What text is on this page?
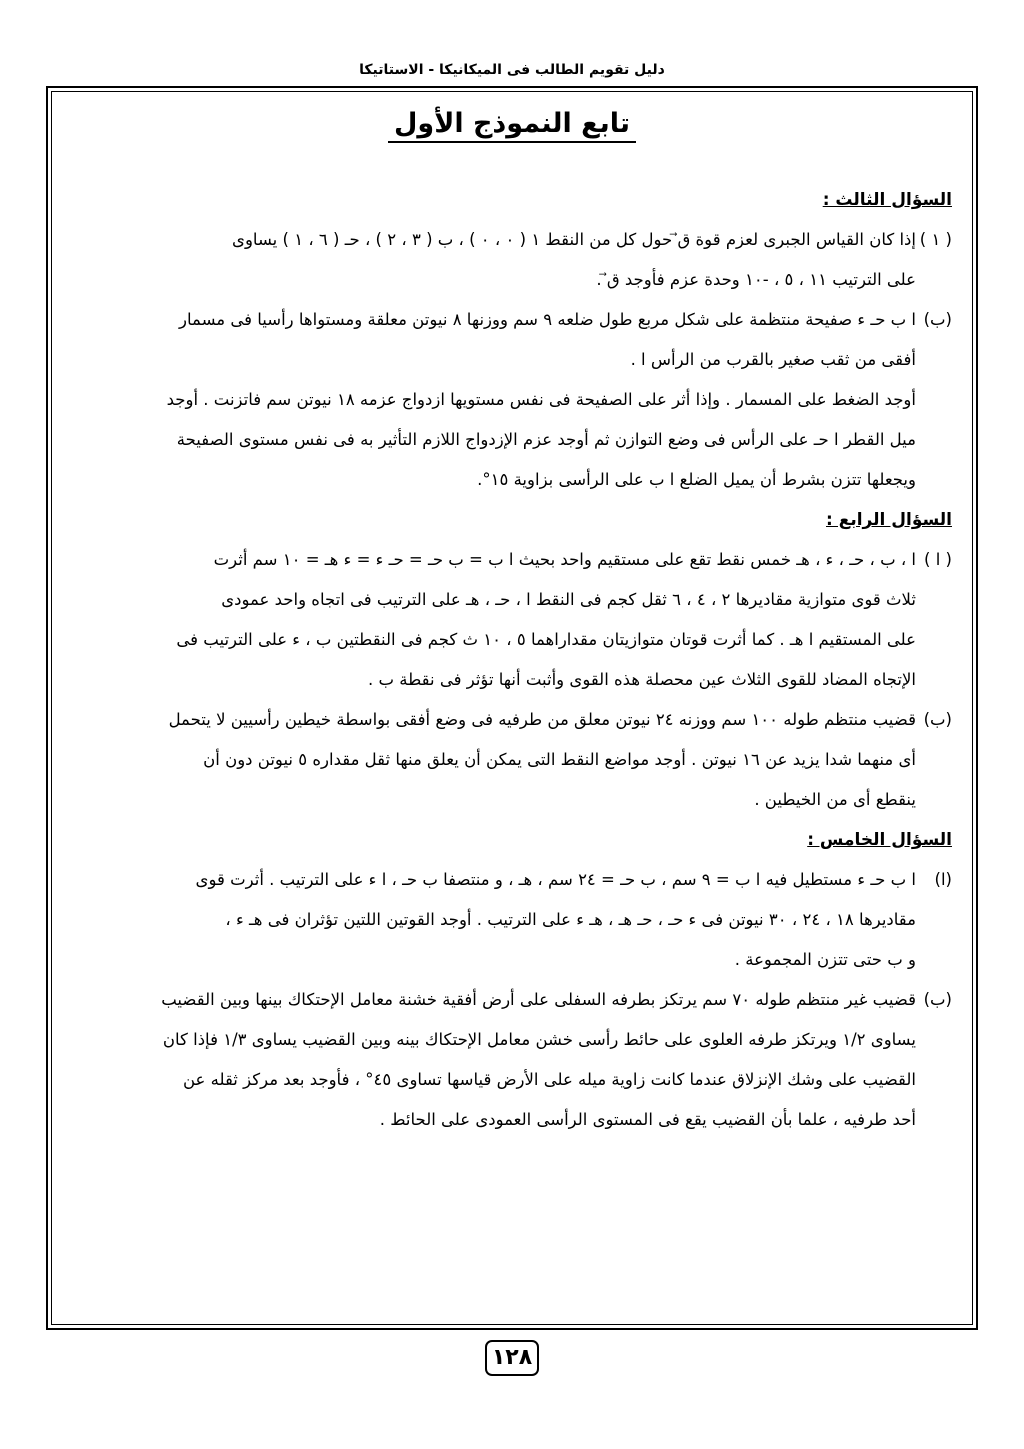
دليل تقويم الطالب فى الميكانيكا - الاستاتيكا
تابع النموذج الأول
السؤال الثالث :
( ١ )

إذا كان القياس الجبرى لعزم قوة ق⃗ حول كل من النقط ١ ( ٠ ، ٠ ) ، ب ( ٣ ، ٢ ) ، حـ ( ٦ ، ١ ) يساوى

على الترتيب ١١ ، ٥ ، -١٠ وحدة عزم فأوجد ق⃗ .

(ب)

ا ب حـ ء صفيحة منتظمة على شكل مربع طول ضلعه ٩ سم ووزنها ٨ نيوتن معلقة ومستواها رأسيا فى مسمار

أفقى من ثقب صغير بالقرب من الرأس ا .

أوجد الضغط على المسمار . وإذا أثر على الصفيحة فى نفس مستويها ازدواج عزمه ١٨ نيوتن سم فاتزنت . أوجد

ميل القطر ا حـ على الرأس فى وضع التوازن ثم أوجد عزم الإزدواج اللازم التأثير به فى نفس مستوى الصفيحة

ويجعلها تتزن بشرط أن يميل الضلع ا ب على الرأسى بزاوية ١٥°.

السؤال الرابع :
( ا )

ا ، ب ، حـ ، ء ، هـ خمس نقط تقع على مستقيم واحد بحيث ا ب = ب حـ = حـ ء = ء هـ = ١٠ سم أثرت

ثلاث قوى متوازية مقاديرها ٢ ، ٤ ، ٦ ثقل كجم فى النقط ا ، حـ ، هـ على الترتيب فى اتجاه واحد عمودى

على المستقيم ا هـ . كما أثرت قوتان متوازيتان مقداراهما ٥ ، ١٠ ث كجم فى النقطتين ب ، ء على الترتيب فى

الإتجاه المضاد للقوى الثلاث عين محصلة هذه القوى وأثبت أنها تؤثر فى نقطة ب .

(ب)

قضيب منتظم طوله ١٠٠ سم ووزنه ٢٤ نيوتن معلق من طرفيه فى وضع أفقى بواسطة خيطين رأسيين لا يتحمل

أى منهما شدا يزيد عن ١٦ نيوتن . أوجد مواضع النقط التى يمكن أن يعلق منها ثقل مقداره ٥ نيوتن دون أن

ينقطع أى من الخيطين .

السؤال الخامس :
(ا)

ا ب حـ ء مستطيل فيه ا ب = ٩ سم ، ب حـ = ٢٤ سم ، هـ ، و منتصفا ب حـ ، ا ء على الترتيب . أثرت قوى

مقاديرها ١٨ ، ٢٤ ، ٣٠ نيوتن فى ء حـ ، حـ هـ ، هـ ء على الترتيب . أوجد القوتين اللتين تؤثران فى هـ ء ،

و ب حتى تتزن المجموعة .

(ب)

قضيب غير منتظم طوله ٧٠ سم يرتكز بطرفه السفلى على أرض أفقية خشنة معامل الإحتكاك بينها وبين القضيب

يساوى ١/٢ ويرتكز طرفه العلوى على حائط رأسى خشن معامل الإحتكاك بينه وبين القضيب يساوى ١/٣ فإذا كان

القضيب على وشك الإنزلاق عندما كانت زاوية ميله على الأرض قياسها تساوى ٤٥° ، فأوجد بعد مركز ثقله عن

أحد طرفيه ، علما بأن القضيب يقع فى المستوى الرأسى العمودى على الحائط .

١٢٨
